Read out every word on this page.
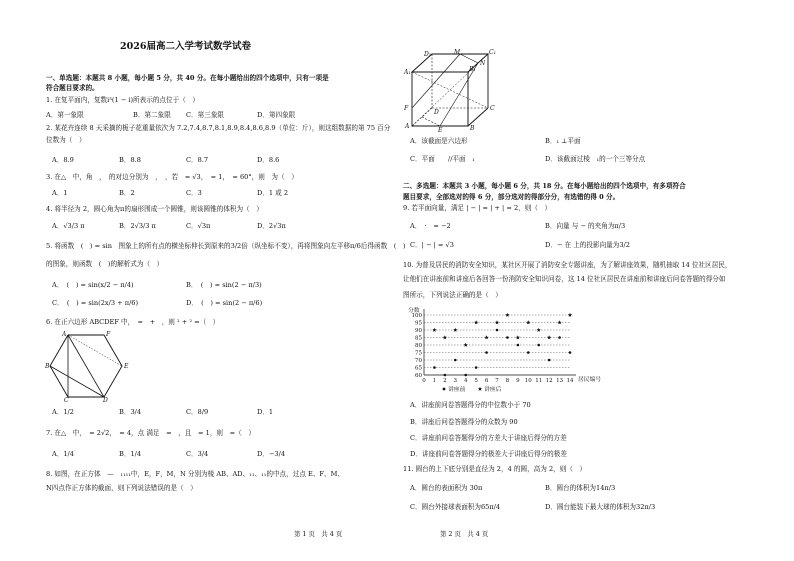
2026届高二入学考试数学试卷
一、单选题：本题共 8 小题，每小题 5 分，共 40 分。在每小题给出的四个选项中，只有一项是
符合题目要求的。
1. 在复平面内，复数i³(1 − i)所表示的点位于（　）
A．第一象限	B．第二象限 C．第三象限	D．第四象限
2. 某花卉连续 8 天采摘的栀子花重量依次为 7.2,7.4,8.7,8.1,8.9,8.4,8.6,8.9（单位：斤），则这组数据的第 75 百分
位数为（　）
A．8.9	B．8.8	C．8.7	D．8.6
3. 在△　中，角　，　的对边分别为　，　，若　= √3，　= 1，　= 60°，则　为（　）
A．1	B．2	C．3	D．1 或 2
4. 将半径为 2，圆心角为π的扇形围成一个圆锥，则该圆锥的体积为（　）
A．√3/3 π	B．2√3/3 π	C．√3π	D．2√3π
5. 将函数　(　) = sin　图象上的所有点的横坐标伸长到原来的3/2倍（纵坐标不变），再将图象向左平移π/6后得函数　(　)
的图象，则函数　(　)的解析式为（　）
A．　(　) = sin(x/2 − π/4)	B．　(　) = sin(2 − π/3)
C．　(　) = sin(2x/3 + π/6)	D．　(　) = sin(2 − π/6)
6. 在正六边形 ABCDEF 中，　=　+　，则 ² + ² =（　）
A	F
B	E
C	D
A．1/2	B．3/4	C．8/9	D．1
7. 在△　中，　= 2√2，　= 4，点 满足　=　，且　= 1，则　=（　）
A．1/4	B．1/4	C．3/4	D．−3/4
8. 如图，在正方体　—　₁₁₁₁中，E，F，M，N 分别为棱 AB、AD、₁₁、₁₁的中点，过点 E、F、M、
N四点作正方体的截面，则下列说法错误的是（　）
第 1 页　共 4 页	第 2 页　共 4 页
D₁	M	C₁
A₁	B₁
N
F
D
C
A
E	B
A．该截面是六边形	B．₁ ⊥平面
C．平面　　//平面　₁	D．该截面过棱　₁的一个三等分点
二、多选题：本题共 3 小题，每小题 6 分，共 18 分。在每小题给出的四个选项中，有多项符合
题目要求，全部选对的得 6 分，部分选对的得部分分，有选错的得 0 分。
9. 若平面向量，满足 | − | = | + | = 2，则（　）
A．　·　= −2	B．向量 与 − 的夹角为π/3
C．| − | = √3	D．− 在 上的投影向量为3/2
10. 为普及居民的消防安全知识，某社区开展了消防安全专题讲座，为了解讲座效果，随机抽取 14 位社区居民，
让他们在讲座前和讲座后各回答一份消防安全知识问卷，这 14 位社区居民在讲座前和讲座后问卷答题的得分如
图所示，下列说法正确的是（　）
60
65
70
75
80
85
90
95
100
0 1 2 3 4 5 6 7 8 9 10 11 12 13 14
分数
居民编号
讲座前	讲座后
A．讲座前问卷答题得分的中位数小于 70
B．讲座后问卷答题得分的众数为 90
C．讲座前问卷答题得分的方差大于讲座后得分的方差
D．讲座前问卷答题得分的极差大于讲座后得分的极差
11. 圆台的上下底分别是直径为 2，4 的圆，高为 2，则（　）
A．圆台的表面积为 30π	B．圆台的体积为14π/3
C．圆台外接球表面积为65π/4	D．圆台能装下最大球的体积为32π/3
